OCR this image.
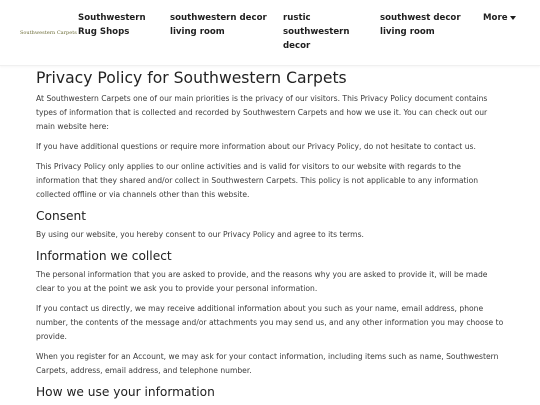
Southwestern Carpets
Southwestern Rug Shops
southwestern decor living room
rustic southwestern decor
southwest decor living room
More
Privacy Policy for Southwestern Carpets

At Southwestern Carpets one of our main priorities is the privacy of our visitors. This Privacy Policy document contains types of information that is collected and recorded by Southwestern Carpets and how we use it. You can check out our main website here:

If you have additional questions or require more information about our Privacy Policy, do not hesitate to contact us.

This Privacy Policy only applies to our online activities and is valid for visitors to our website with regards to the information that they shared and/or collect in Southwestern Carpets. This policy is not applicable to any information collected offline or via channels other than this website.

Consent

By using our website, you hereby consent to our Privacy Policy and agree to its terms.

Information we collect

The personal information that you are asked to provide, and the reasons why you are asked to provide it, will be made clear to you at the point we ask you to provide your personal information.

If you contact us directly, we may receive additional information about you such as your name, email address, phone number, the contents of the message and/or attachments you may send us, and any other information you may choose to provide.

When you register for an Account, we may ask for your contact information, including items such as name, Southwestern Carpets, address, email address, and telephone number.

How we use your information
